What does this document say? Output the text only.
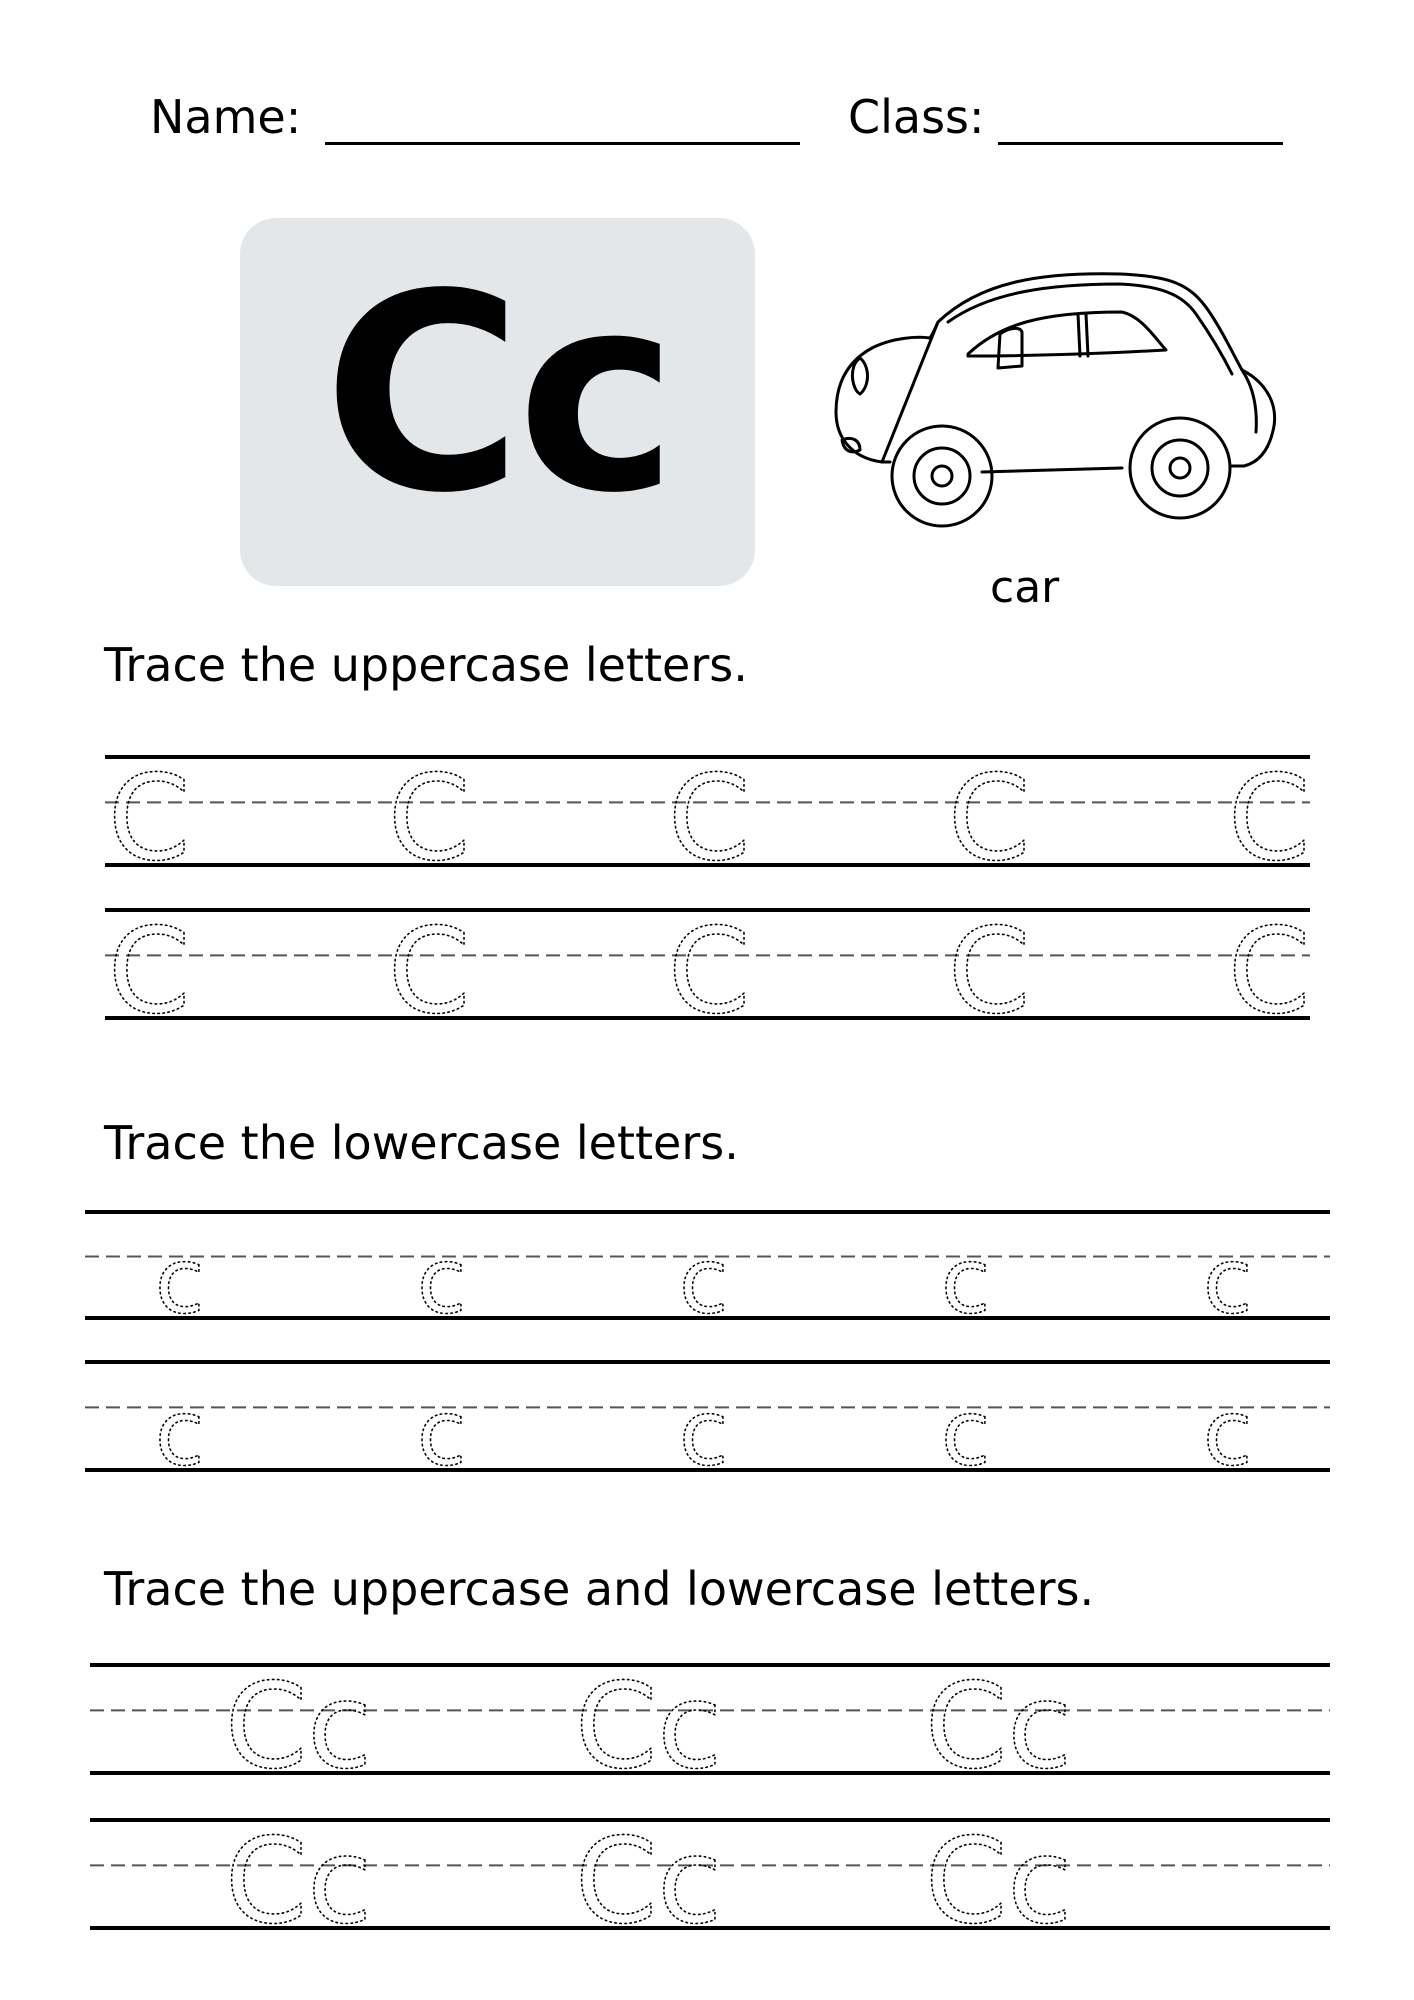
Name:	Class:
Cc
car
Trace the uppercase letters.
Trace the lowercase letters.
Trace the uppercase and lowercase letters.
C C C C C
C C C C C
c c c c c
c c c c c
Cc Cc Cc
Cc Cc Cc
